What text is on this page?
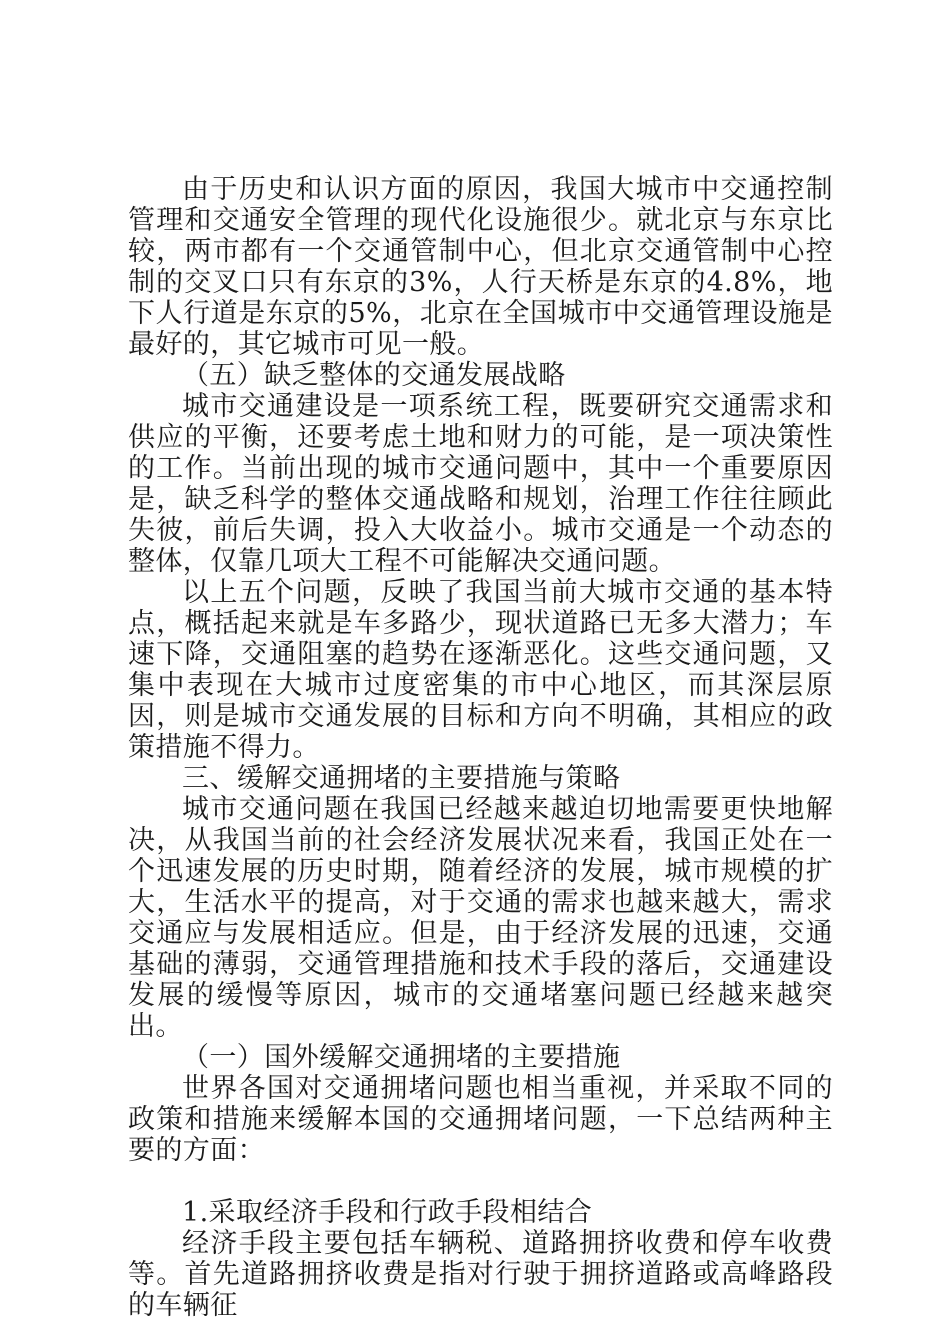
由于历史和认识方面的原因，我国大城市中交通控制管理和交通安全管理的现代化设施很少。就北京与东京比较，两市都有一个交通管制中心，但北京交通管制中心控制的交叉口只有东京的3%，人行天桥是东京的4.8%，地下人行道是东京的5%，北京在全国城市中交通管理设施是最好的，其它城市可见一般。

（五）缺乏整体的交通发展战略

城市交通建设是一项系统工程，既要研究交通需求和供应的平衡，还要考虑土地和财力的可能，是一项决策性的工作。当前出现的城市交通问题中，其中一个重要原因是，缺乏科学的整体交通战略和规划，治理工作往往顾此失彼，前后失调，投入大收益小。城市交通是一个动态的整体，仅靠几项大工程不可能解决交通问题。

以上五个问题，反映了我国当前大城市交通的基本特点，概括起来就是车多路少，现状道路已无多大潜力；车速下降，交通阻塞的趋势在逐渐恶化。这些交通问题，又集中表现在大城市过度密集的市中心地区，而其深层原因，则是城市交通发展的目标和方向不明确，其相应的政策措施不得力。

三、缓解交通拥堵的主要措施与策略

城市交通问题在我国已经越来越迫切地需要更快地解决，从我国当前的社会经济发展状况来看，我国正处在一个迅速发展的历史时期，随着经济的发展，城市规模的扩大，生活水平的提高，对于交通的需求也越来越大，需求交通应与发展相适应。但是，由于经济发展的迅速，交通基础的薄弱，交通管理措施和技术手段的落后，交通建设发展的缓慢等原因，城市的交通堵塞问题已经越来越突出。

（一）国外缓解交通拥堵的主要措施

世界各国对交通拥堵问题也相当重视，并采取不同的政策和措施来缓解本国的交通拥堵问题，一下总结两种主要的方面：

1.采取经济手段和行政手段相结合

经济手段主要包括车辆税、道路拥挤收费和停车收费等。首先道路拥挤收费是指对行驶于拥挤道路或高峰路段的车辆征
